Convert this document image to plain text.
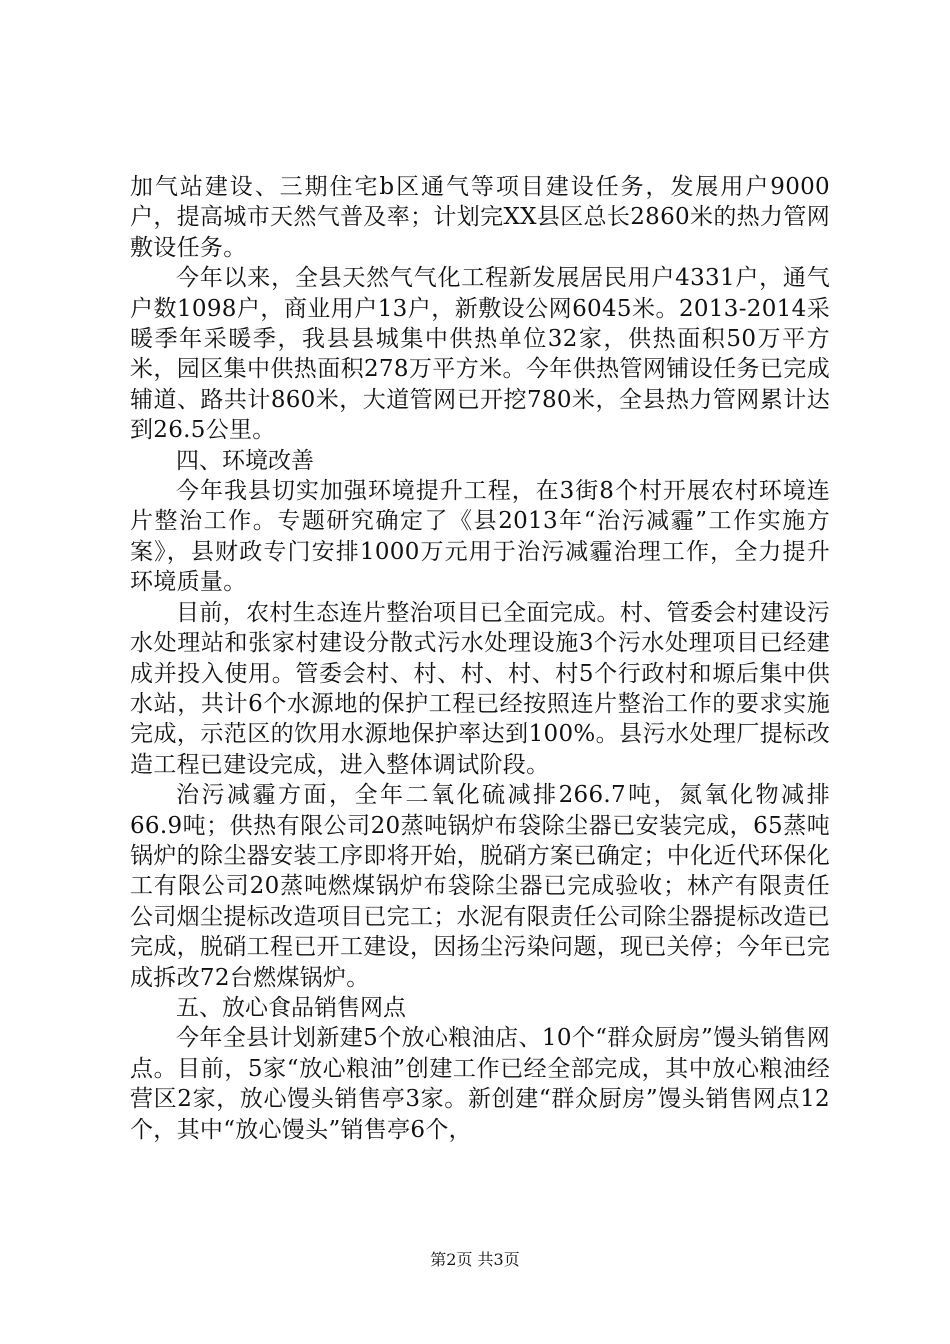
加气站建设、三期住宅b区通气等项目建设任务，发展用户9000户，提高城市天然气普及率；计划完XX县区总长2860米的热力管网敷设任务。

今年以来，全县天然气气化工程新发展居民用户4331户，通气户数1098户，商业用户13户，新敷设公网6045米。2013-2014采暖季年采暖季，我县县城集中供热单位32家，供热面积50万平方米，园区集中供热面积278万平方米。今年供热管网铺设任务已完成辅道、路共计860米，大道管网已开挖780米，全县热力管网累计达到26.5公里。

四、环境改善

今年我县切实加强环境提升工程，在3街8个村开展农村环境连片整治工作。专题研究确定了《县2013年“治污减霾”工作实施方案》，县财政专门安排1000万元用于治污减霾治理工作，全力提升环境质量。

目前，农村生态连片整治项目已全面完成。村、管委会村建设污水处理站和张家村建设分散式污水处理设施3个污水处理项目已经建成并投入使用。管委会村、村、村、村、村5个行政村和塬后集中供水站，共计6个水源地的保护工程已经按照连片整治工作的要求实施完成，示范区的饮用水源地保护率达到100%。县污水处理厂提标改造工程已建设完成，进入整体调试阶段。

治污减霾方面，全年二氧化硫减排266.7吨，氮氧化物减排66.9吨；供热有限公司20蒸吨锅炉布袋除尘器已安装完成，65蒸吨锅炉的除尘器安装工序即将开始，脱硝方案已确定；中化近代环保化工有限公司20蒸吨燃煤锅炉布袋除尘器已完成验收；林产有限责任公司烟尘提标改造项目已完工；水泥有限责任公司除尘器提标改造已完成，脱硝工程已开工建设，因扬尘污染问题，现已关停；今年已完成拆改72台燃煤锅炉。

五、放心食品销售网点

今年全县计划新建5个放心粮油店、10个“群众厨房”馒头销售网点。目前，5家“放心粮油”创建工作已经全部完成，其中放心粮油经营区2家，放心馒头销售亭3家。新创建“群众厨房”馒头销售网点12个，其中“放心馒头”销售亭6个，

第2页 共3页
